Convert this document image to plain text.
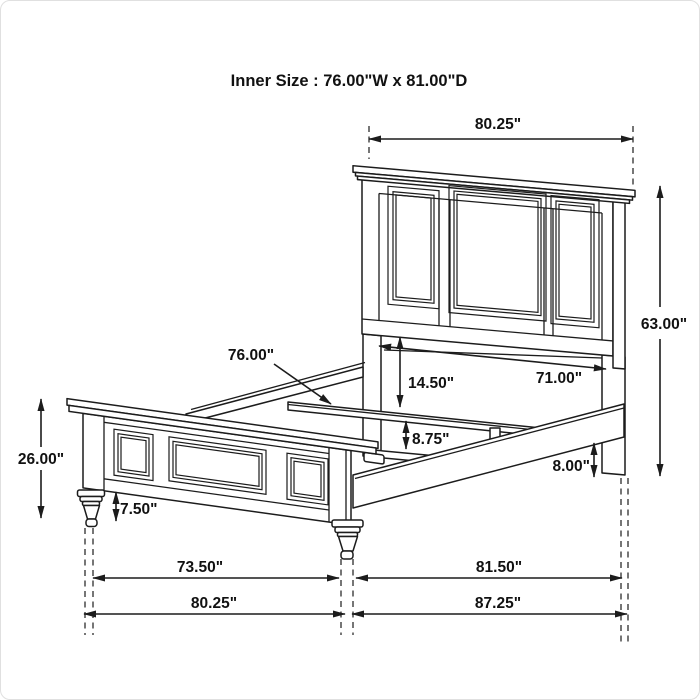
80.25"
63.00"
26.00"
7.50"
76.00"
14.50"
8.75"
71.00"
8.00"
73.50"	81.50"
80.25"	87.25"
Inner Size : 76.00"W x 81.00"D
